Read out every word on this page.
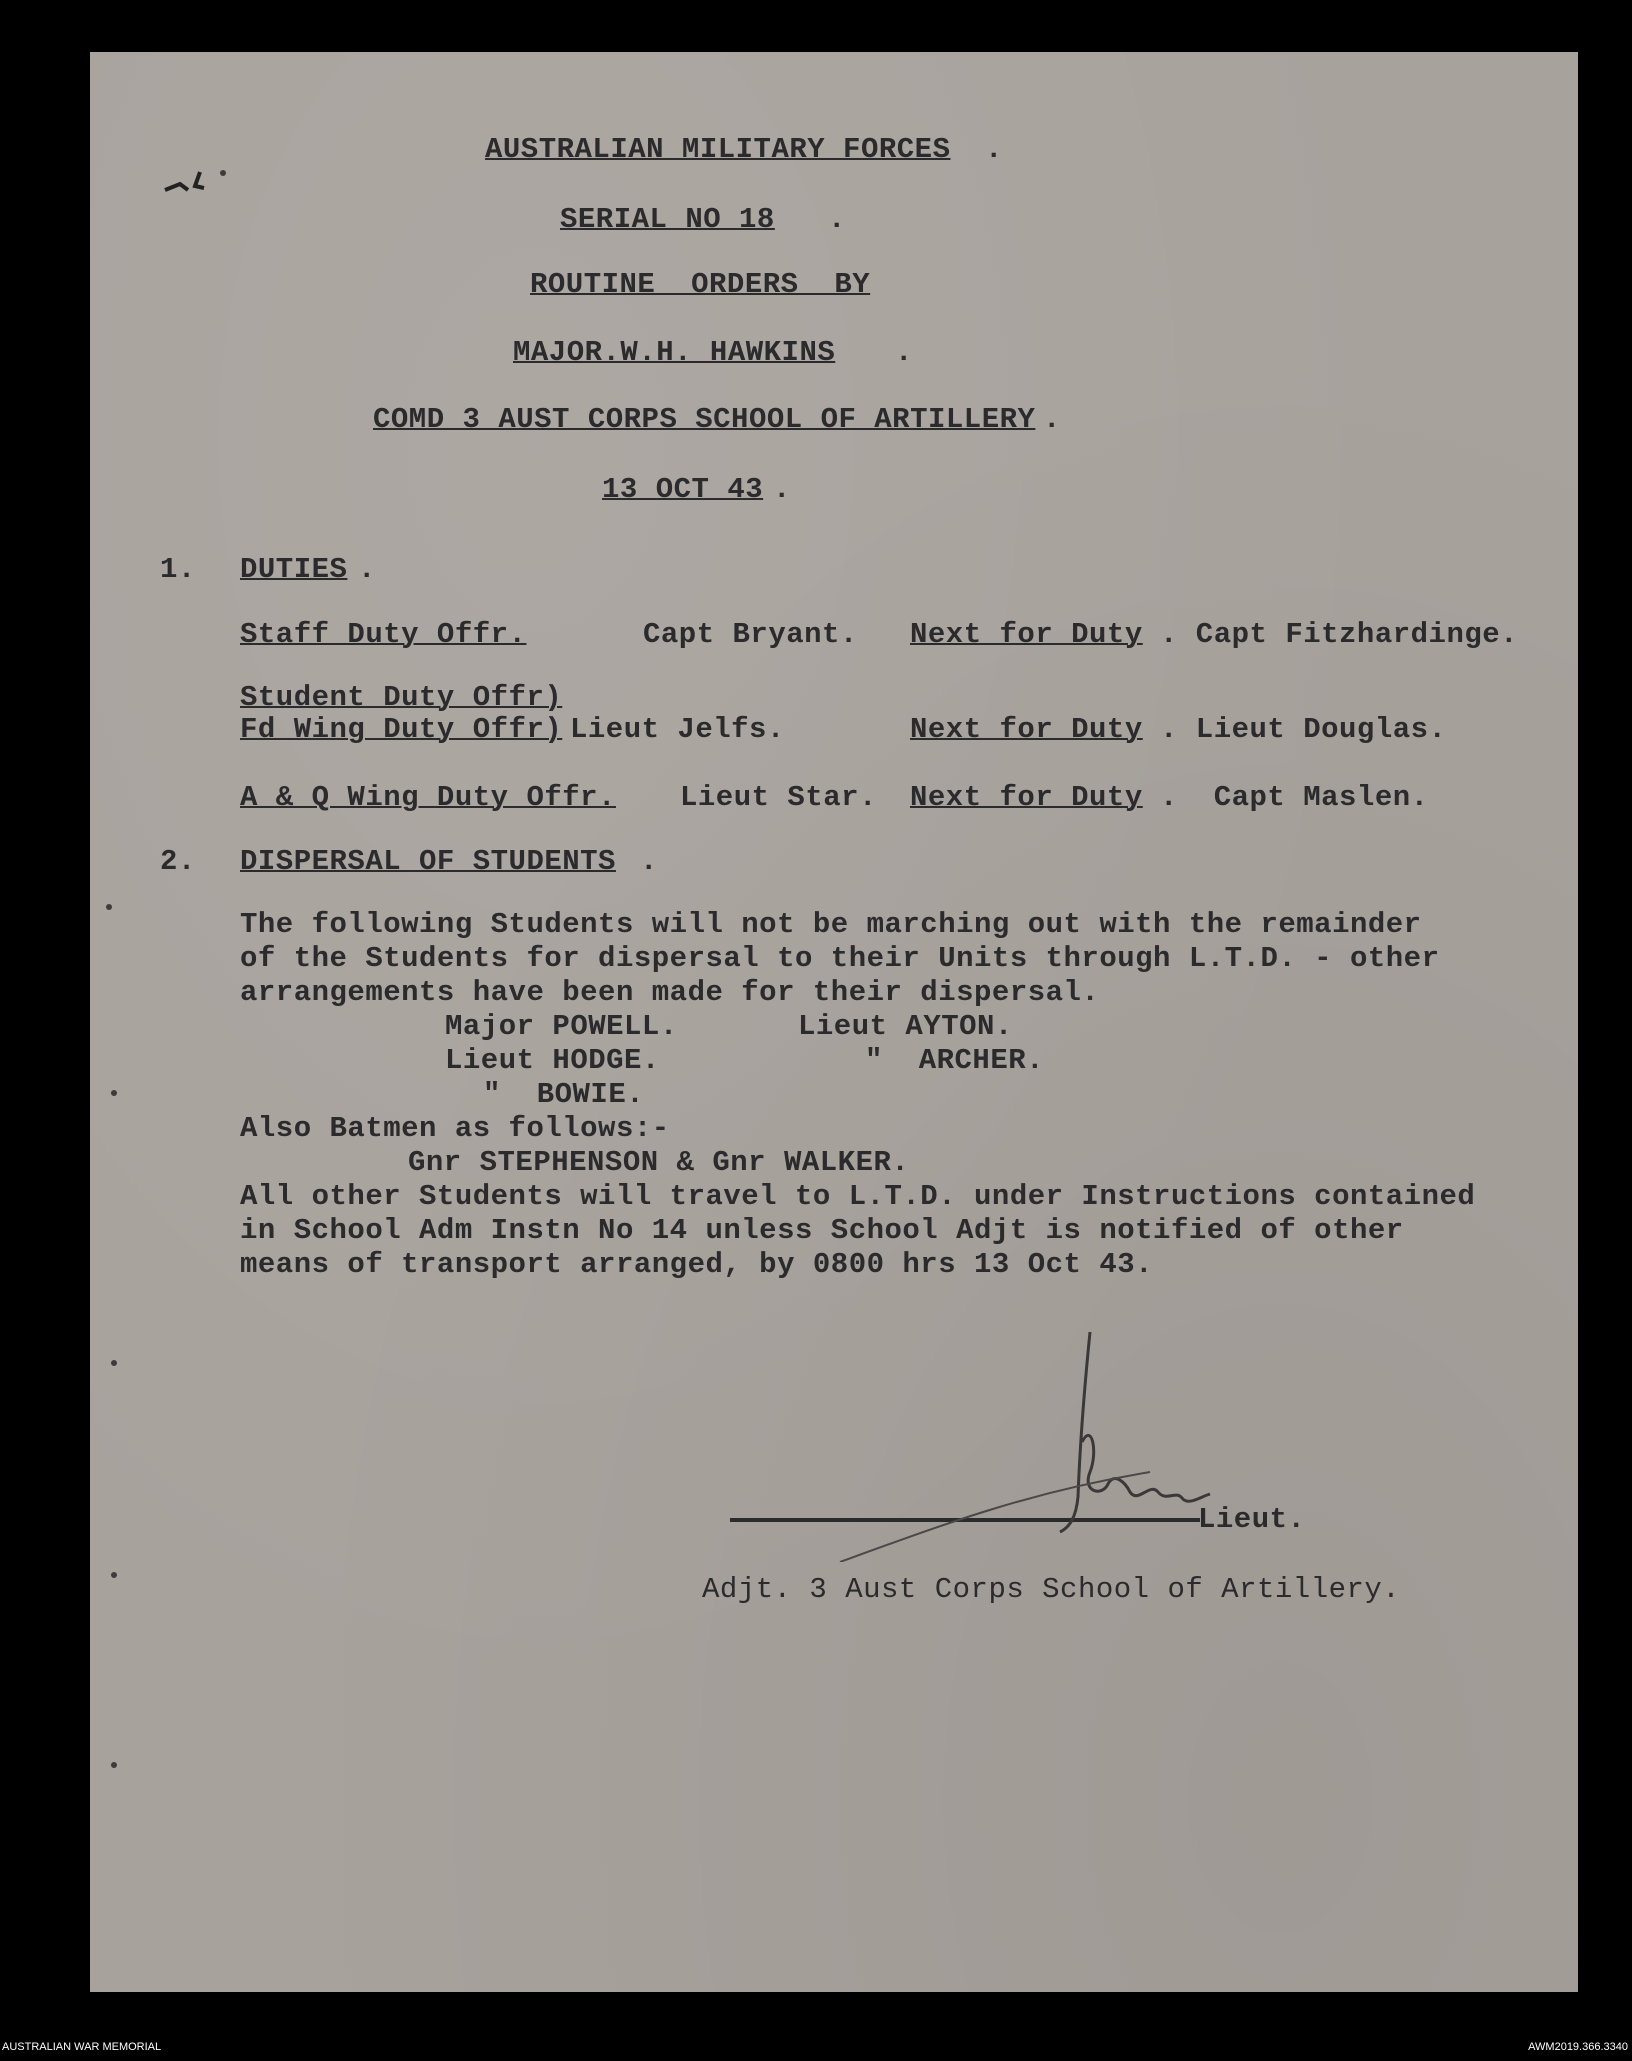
AUSTRALIAN MILITARY FORCES .
SERIAL NO 18 .
ROUTINE  ORDERS  BY
MAJOR.W.H. HAWKINS .
COMD 3 AUST CORPS SCHOOL OF ARTILLERY .
13 OCT 43 .
1. DUTIES .
Staff Duty Offr.	Capt Bryant. Next for Duty . Capt Fitzhardinge.
Student Duty Offr)
Fd Wing Duty Offr) Lieut Jelfs.	Next for Duty . Lieut Douglas.
A & Q Wing Duty Offr. Lieut Star. Next for Duty .  Capt Maslen.
2. DISPERSAL OF STUDENTS .
The following Students will not be marching out with the remainder
of the Students for dispersal to their Units through L.T.D. - other
arrangements have been made for their dispersal.
Major POWELL.	Lieut AYTON.
Lieut HODGE.	"  ARCHER.
"  BOWIE.
Also Batmen as follows:-
Gnr STEPHENSON & Gnr WALKER.
All other Students will travel to L.T.D. under Instructions contained
in School Adm Instn No 14 unless School Adjt is notified of other
means of transport arranged, by 0800 hrs 13 Oct 43.
Lieut.
Adjt. 3 Aust Corps School of Artillery.
AUSTRALIAN WAR MEMORIAL	AWM2019.366.3340
